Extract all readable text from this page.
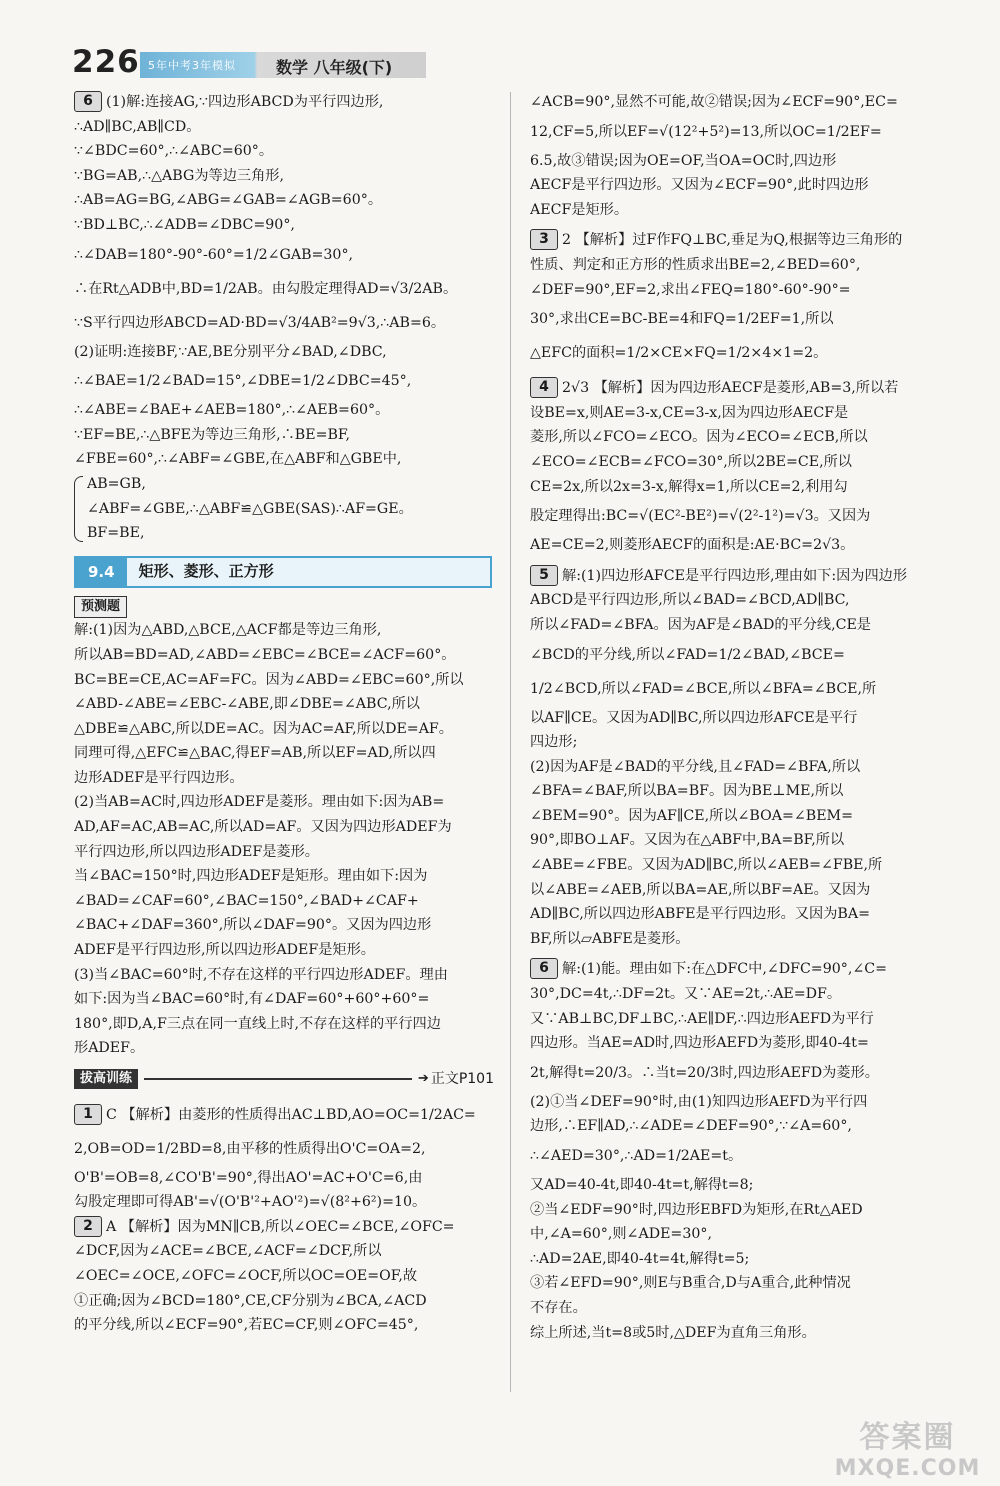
226 5年中考3年模拟	数学 八年级(下)
6 (1)解:连接AG,∵四边形ABCD为平行四边形,
∴AD∥BC,AB∥CD。
∵∠BDC=60°,∴∠ABC=60°。
∵BG=AB,∴△ABG为等边三角形,
∴AB=AG=BG,∠ABG=∠GAB=∠AGB=60°。
∵BD⊥BC,∴∠ADB=∠DBC=90°,
∴∠DAB=180°-90°-60°=1/2∠GAB=30°,
∴在Rt△ADB中,BD=1/2AB。由勾股定理得AD=√3/2AB。
∵S平行四边形ABCD=AD·BD=√3/4AB²=9√3,∴AB=6。
(2)证明:连接BF,∵AE,BE分别平分∠BAD,∠DBC,
∴∠BAE=1/2∠BAD=15°,∠DBE=1/2∠DBC=45°,
∴∠ABE=∠BAE+∠AEB=180°,∴∠AEB=60°。
∵EF=BE,∴△BFE为等边三角形,∴BE=BF,
∠FBE=60°,∴∠ABF=∠GBE,在△ABF和△GBE中,
AB=GB,
∠ABF=∠GBE,∴△ABF≌△GBE(SAS)∴AF=GE。
BF=BE,
9.4	矩形、菱形、正方形
预测题
解:(1)因为△ABD,△BCE,△ACF都是等边三角形,
所以AB=BD=AD,∠ABD=∠EBC=∠BCE=∠ACF=60°。
BC=BE=CE,AC=AF=FC。因为∠ABD=∠EBC=60°,所以
∠ABD-∠ABE=∠EBC-∠ABE,即∠DBE=∠ABC,所以
△DBE≌△ABC,所以DE=AC。因为AC=AF,所以DE=AF。
同理可得,△EFC≌△BAC,得EF=AB,所以EF=AD,所以四
边形ADEF是平行四边形。
(2)当AB=AC时,四边形ADEF是菱形。理由如下:因为AB=
AD,AF=AC,AB=AC,所以AD=AF。又因为四边形ADEF为
平行四边形,所以四边形ADEF是菱形。
当∠BAC=150°时,四边形ADEF是矩形。理由如下:因为
∠BAD=∠CAF=60°,∠BAC=150°,∠BAD+∠CAF+
∠BAC+∠DAF=360°,所以∠DAF=90°。又因为四边形
ADEF是平行四边形,所以四边形ADEF是矩形。
(3)当∠BAC=60°时,不存在这样的平行四边形ADEF。理由
如下:因为当∠BAC=60°时,有∠DAF=60°+60°+60°=
180°,即D,A,F三点在同一直线上时,不存在这样的平行四边
形ADEF。
拔高训练	➔ 正文P101
1 C 【解析】由菱形的性质得出AC⊥BD,AO=OC=1/2AC=
2,OB=OD=1/2BD=8,由平移的性质得出O'C=OA=2,
O'B'=OB=8,∠CO'B'=90°,得出AO'=AC+O'C=6,由
勾股定理即可得AB'=√(O'B'²+AO'²)=√(8²+6²)=10。
2 A 【解析】因为MN∥CB,所以∠OEC=∠BCE,∠OFC=
∠DCF,因为∠ACE=∠BCE,∠ACF=∠DCF,所以
∠OEC=∠OCE,∠OFC=∠OCF,所以OC=OE=OF,故
①正确;因为∠BCD=180°,CE,CF分别为∠BCA,∠ACD
的平分线,所以∠ECF=90°,若EC=CF,则∠OFC=45°,
∠ACB=90°,显然不可能,故②错误;因为∠ECF=90°,EC=
12,CF=5,所以EF=√(12²+5²)=13,所以OC=1/2EF=
6.5,故③错误;因为OE=OF,当OA=OC时,四边形
AECF是平行四边形。又因为∠ECF=90°,此时四边形
AECF是矩形。
3 2 【解析】过F作FQ⊥BC,垂足为Q,根据等边三角形的
性质、判定和正方形的性质求出BE=2,∠BED=60°,
∠DEF=90°,EF=2,求出∠FEQ=180°-60°-90°=
30°,求出CE=BC-BE=4和FQ=1/2EF=1,所以
△EFC的面积=1/2×CE×FQ=1/2×4×1=2。
4 2√3 【解析】因为四边形AECF是菱形,AB=3,所以若
设BE=x,则AE=3-x,CE=3-x,因为四边形AECF是
菱形,所以∠FCO=∠ECO。因为∠ECO=∠ECB,所以
∠ECO=∠ECB=∠FCO=30°,所以2BE=CE,所以
CE=2x,所以2x=3-x,解得x=1,所以CE=2,利用勾
股定理得出:BC=√(EC²-BE²)=√(2²-1²)=√3。又因为
AE=CE=2,则菱形AECF的面积是:AE·BC=2√3。
5 解:(1)四边形AFCE是平行四边形,理由如下:因为四边形
ABCD是平行四边形,所以∠BAD=∠BCD,AD∥BC,
所以∠FAD=∠BFA。因为AF是∠BAD的平分线,CE是
∠BCD的平分线,所以∠FAD=1/2∠BAD,∠BCE=
1/2∠BCD,所以∠FAD=∠BCE,所以∠BFA=∠BCE,所
以AF∥CE。又因为AD∥BC,所以四边形AFCE是平行
四边形;
(2)因为AF是∠BAD的平分线,且∠FAD=∠BFA,所以
∠BFA=∠BAF,所以BA=BF。因为BE⊥ME,所以
∠BEM=90°。因为AF∥CE,所以∠BOA=∠BEM=
90°,即BO⊥AF。又因为在△ABF中,BA=BF,所以
∠ABE=∠FBE。又因为AD∥BC,所以∠AEB=∠FBE,所
以∠ABE=∠AEB,所以BA=AE,所以BF=AE。又因为
AD∥BC,所以四边形ABFE是平行四边形。又因为BA=
BF,所以▱ABFE是菱形。
6 解:(1)能。理由如下:在△DFC中,∠DFC=90°,∠C=
30°,DC=4t,∴DF=2t。又∵AE=2t,∴AE=DF。
又∵AB⊥BC,DF⊥BC,∴AE∥DF,∴四边形AEFD为平行
四边形。当AE=AD时,四边形AEFD为菱形,即40-4t=
2t,解得t=20/3。∴当t=20/3时,四边形AEFD为菱形。
(2)①当∠DEF=90°时,由(1)知四边形AEFD为平行四
边形,∴EF∥AD,∴∠ADE=∠DEF=90°,∵∠A=60°,
∴∠AED=30°,∴AD=1/2AE=t。
又AD=40-4t,即40-4t=t,解得t=8;
②当∠EDF=90°时,四边形EBFD为矩形,在Rt△AED
中,∠A=60°,则∠ADE=30°,
∴AD=2AE,即40-4t=4t,解得t=5;
③若∠EFD=90°,则E与B重合,D与A重合,此种情况
不存在。
综上所述,当t=8或5时,△DEF为直角三角形。
答案圈
MXQE.COM
